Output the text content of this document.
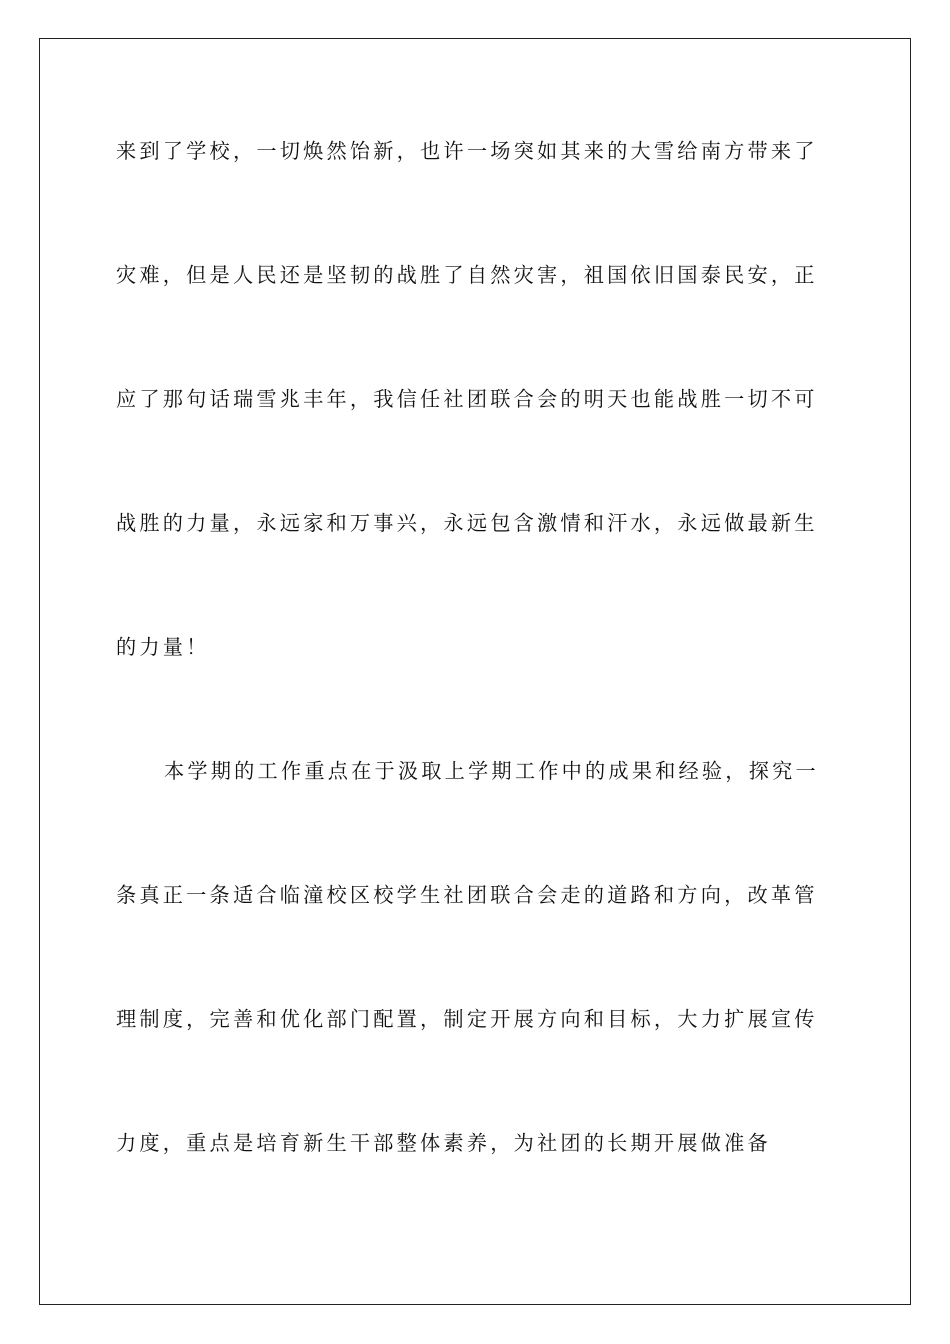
来到了学校，一切焕然饴新，也许一场突如其来的大雪给南方带来了
灾难，但是人民还是坚韧的战胜了自然灾害，祖国依旧国泰民安，正
应了那句话瑞雪兆丰年，我信任社团联合会的明天也能战胜一切不可
战胜的力量，永远家和万事兴，永远包含激情和汗水，永远做最新生
的力量！
本学期的工作重点在于汲取上学期工作中的成果和经验，探究一
条真正一条适合临潼校区校学生社团联合会走的道路和方向，改革管
理制度，完善和优化部门配置，制定开展方向和目标，大力扩展宣传
力度，重点是培育新生干部整体素养，为社团的长期开展做准备
